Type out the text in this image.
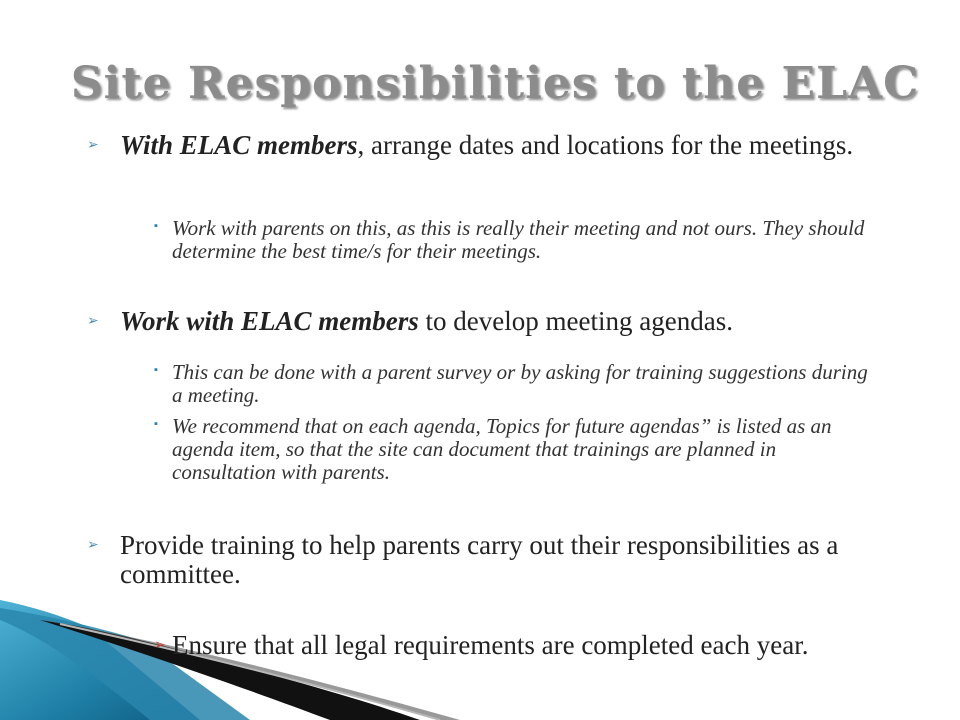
Site Responsibilities to the ELAC
➢ With ELAC members, arrange dates and locations for the meetings.
▪ Work with parents on this, as this is really their meeting and not ours. They should determine the best time/s for their meetings.
➢ Work with ELAC members to develop meeting agendas.
▪ This can be done with a parent survey or by asking for training suggestions during a meeting.
▪ We recommend that on each agenda, Topics for future agendas” is listed as an agenda item, so that the site can document that trainings are planned in consultation with parents.
➢ Provide training to help parents carry out their responsibilities as a committee.
➢ Ensure that all legal requirements are completed each year.
